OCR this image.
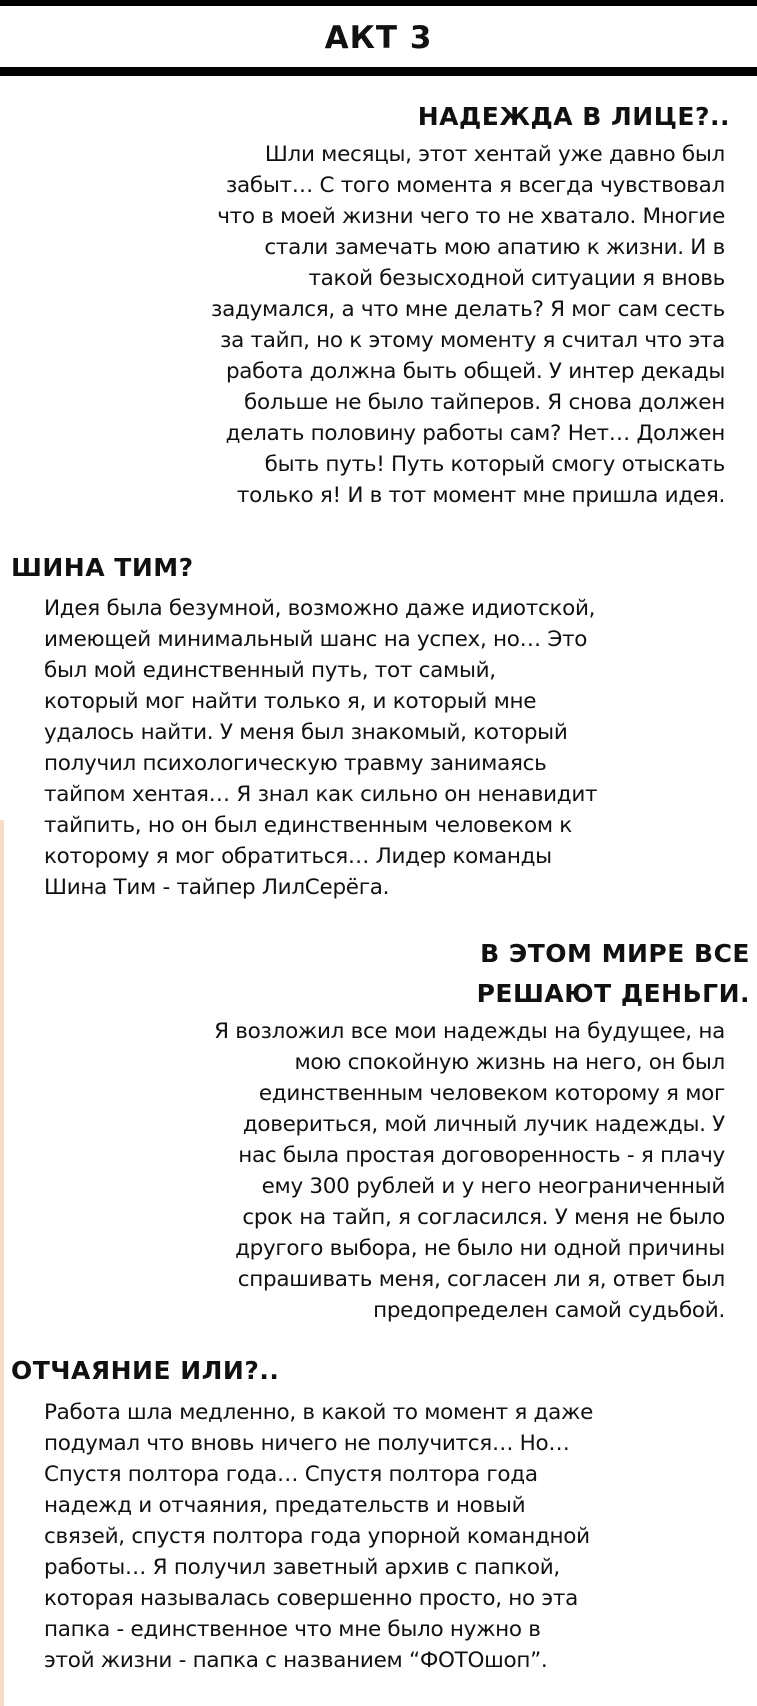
АКТ 3
НАДЕЖДА В ЛИЦЕ?..
Шли месяцы, этот хентай уже давно был
забыт… С того момента я всегда чувствовал
что в моей жизни чего то не хватало. Многие
стали замечать мою апатию к жизни. И в
такой безысходной ситуации я вновь
задумался, а что мне делать? Я мог сам сесть
за тайп, но к этому моменту я считал что эта
работа должна быть общей. У интер декады
больше не было тайперов. Я снова должен
делать половину работы сам? Нет… Должен
быть путь! Путь который смогу отыскать
только я! И в тот момент мне пришла идея.
ШИНА ТИМ?
Идея была безумной, возможно даже идиотской,
имеющей минимальный шанс на успех, но… Это
был мой единственный путь, тот самый,
который мог найти только я, и который мне
удалось найти. У меня был знакомый, который
получил психологическую травму занимаясь
тайпом хентая… Я знал как сильно он ненавидит
тайпить, но он был единственным человеком к
которому я мог обратиться… Лидер команды
Шина Тим - тайпер ЛилСерёга.
В ЭТОМ МИРЕ ВСЕ
РЕШАЮТ ДЕНЬГИ.
Я возложил все мои надежды на будущее, на
мою спокойную жизнь на него, он был
единственным человеком которому я мог
довериться, мой личный лучик надежды. У
нас была простая договоренность - я плачу
ему 300 рублей и у него неограниченный
срок на тайп, я согласился. У меня не было
другого выбора, не было ни одной причины
спрашивать меня, согласен ли я, ответ был
предопределен самой судьбой.
ОТЧАЯНИЕ ИЛИ?..
Работа шла медленно, в какой то момент я даже
подумал что вновь ничего не получится… Но…
Спустя полтора года… Спустя полтора года
надежд и отчаяния, предательств и новый
связей, спустя полтора года упорной командной
работы… Я получил заветный архив с папкой,
которая называлась совершенно просто, но эта
папка - единственное что мне было нужно в
этой жизни - папка с названием “ФОТОшоп”.
